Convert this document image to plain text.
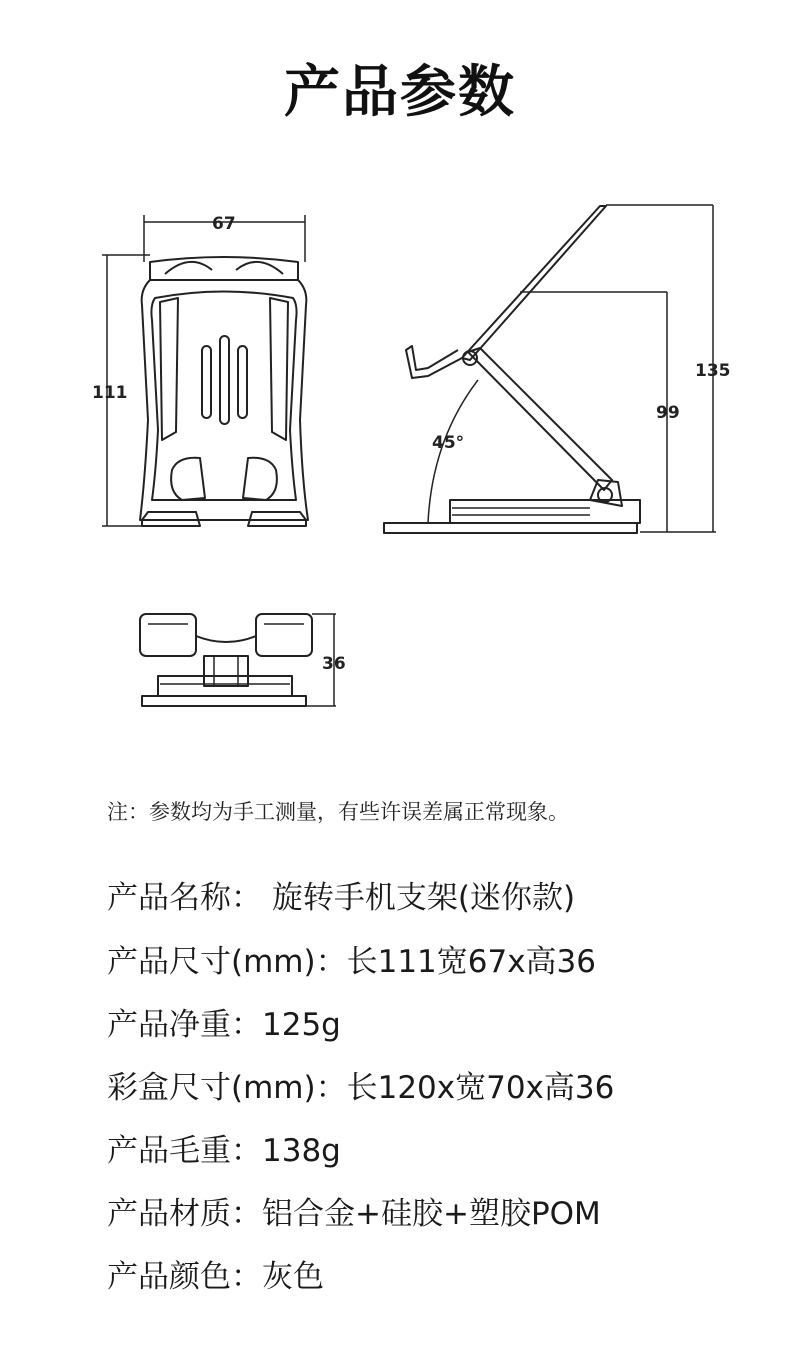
产品参数
67
111
135
99
45°
36
注：参数均为手工测量，有些许误差属正常现象。
产品名称： 旋转手机支架(迷你款)
产品尺寸(mm)：长111宽67x高36
产品净重：125g
彩盒尺寸(mm)：长120x宽70x高36
产品毛重：138g
产品材质：铝合金+硅胶+塑胶POM
产品颜色：灰色
